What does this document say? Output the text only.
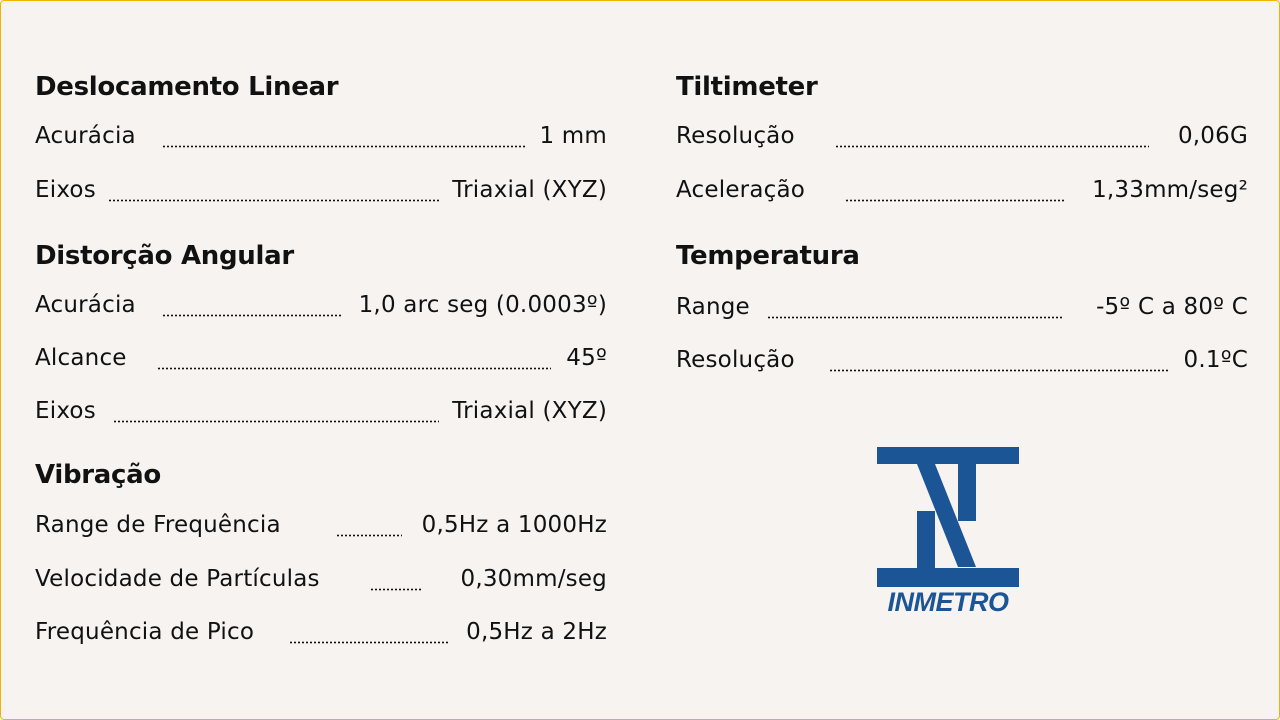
Deslocamento Linear
Acurácia	1 mm
Eixos	Triaxial (XYZ)
Distorção Angular
Acurácia	1,0 arc seg (0.0003º)
Alcance	45º
Eixos	Triaxial (XYZ)
Vibração
Range de Frequência	0,5Hz a 1000Hz
Velocidade de Partículas	0,30mm/seg
Frequência de Pico	0,5Hz a 2Hz
Tiltimeter
Resolução	0,06G
Aceleração	1,33mm/seg²
Temperatura
Range	-5º C a 80º C
Resolução	0.1ºC
INMETRO
